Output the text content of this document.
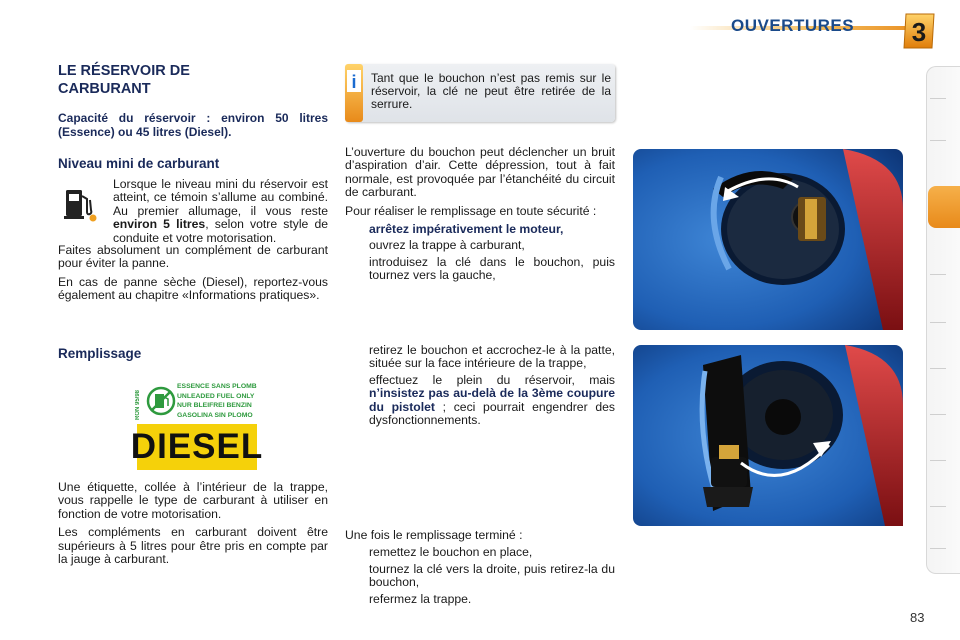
OUVERTURES 3
LE RÉSERVOIR DE CARBURANT
Capacité du réservoir : environ 50 litres (Essence) ou 45 litres (Diesel).
Niveau mini de carburant

Lorsque le niveau mini du réservoir est atteint, ce témoin s’allume au combiné. Au premier allumage, il vous reste environ 5 litres, selon votre style de conduite et votre motorisation.

Faites absolument un complément de carburant pour éviter la panne.

En cas de panne sèche (Diesel), reportez-vous également au chapitre «Informations pratiques».

Remplissage
RON 95/98
ESSENCE SANS PLOMB
UNLEADED FUEL ONLY
NUR BLEIFREI BENZIN
GASOLINA SIN PLOMO
DIESEL

Une étiquette, collée à l’intérieur de la trappe, vous rappelle le type de carburant à utiliser en fonction de votre motorisation.

Les compléments en carburant doivent être supérieurs à 5 litres pour être pris en compte par la jauge à carburant.

i Tant que le bouchon n’est pas remis sur le réservoir, la clé ne peut être retirée de la serrure.

L’ouverture du bouchon peut déclencher un bruit d’aspiration d’air. Cette dépression, tout à fait normale, est provoquée par l’étanchéité du circuit de carburant.

Pour réaliser le remplissage en toute sécurité :

arrêtez impérativement le moteur,
ouvrez la trappe à carburant,
introduisez la clé dans le bouchon, puis tournez vers la gauche,
retirez le bouchon et accrochez-le à la patte, située sur la face intérieure de la trappe,
effectuez le plein du réservoir, mais n’insistez pas au-delà de la 3ème coupure du pistolet ; ceci pourrait engendrer des dysfonctionnements.

Une fois le remplissage terminé :

remettez le bouchon en place,
tournez la clé vers la droite, puis retirez-la du bouchon,
refermez la trappe.
83
